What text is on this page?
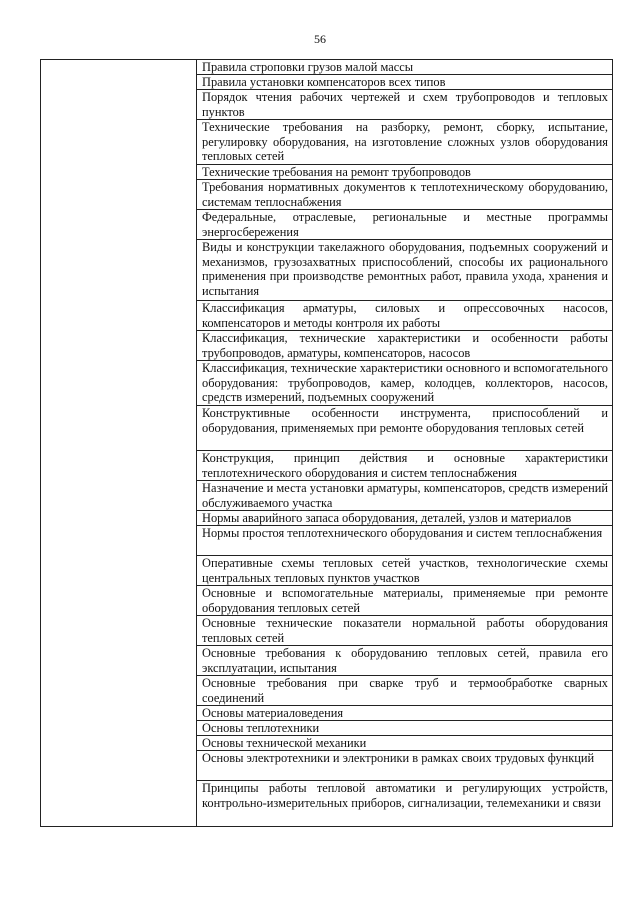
56

Правила строповки грузов малой массы
Правила установки компенсаторов всех типов
Порядок чтения рабочих чертежей и схем трубопроводов и тепловых пунктов
Технические требования на разборку, ремонт, сборку, испытание, регулировку оборудования, на изготовление сложных узлов оборудования тепловых сетей
Технические требования на ремонт трубопроводов
Требования нормативных документов к теплотехническому оборудованию, системам теплоснабжения
Федеральные, отраслевые, региональные и местные программы энергосбережения
Виды и конструкции такелажного оборудования, подъемных сооружений и механизмов, грузозахватных приспособлений, способы их рационального применения при производстве ремонтных работ, правила ухода, хранения и испытания
Классификация арматуры, силовых и опрессовочных насосов, компенсаторов и методы контроля их работы
Классификация, технические характеристики и особенности работы трубопроводов, арматуры, компенсаторов, насосов
Классификация, технические характеристики основного и вспомогательного оборудования: трубопроводов, камер, колодцев, коллекторов, насосов, средств измерений, подъемных сооружений
Конструктивные особенности инструмента, приспособлений и оборудования, применяемых при ремонте оборудования тепловых сетей
Конструкция, принцип действия и основные характеристики теплотехнического оборудования и систем теплоснабжения
Назначение и места установки арматуры, компенсаторов, средств измерений обслуживаемого участка
Нормы аварийного запаса оборудования, деталей, узлов и материалов
Нормы простоя теплотехнического оборудования и систем теплоснабжения
Оперативные схемы тепловых сетей участков, технологические схемы центральных тепловых пунктов участков
Основные и вспомогательные материалы, применяемые при ремонте оборудования тепловых сетей
Основные технические показатели нормальной работы оборудования тепловых сетей
Основные требования к оборудованию тепловых сетей, правила его эксплуатации, испытания
Основные требования при сварке труб и термообработке сварных соединений
Основы материаловедения
Основы теплотехники
Основы технической механики
Основы электротехники и электроники в рамках своих трудовых функций
Принципы работы тепловой автоматики и регулирующих устройств, контрольно-измерительных приборов, сигнализации, телемеханики и связи
